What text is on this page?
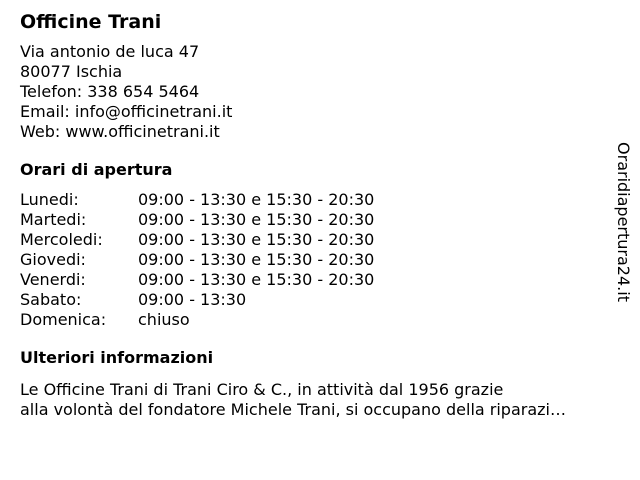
Officine Trani
Via antonio de luca 47
80077 Ischia
Telefon: 338 654 5464
Email: info@officinetrani.it
Web: www.officinetrani.it
Orari di apertura
Lunedi:	09:00 - 13:30 e 15:30 - 20:30
Martedi:	09:00 - 13:30 e 15:30 - 20:30
Mercoledi:	09:00 - 13:30 e 15:30 - 20:30
Giovedi:	09:00 - 13:30 e 15:30 - 20:30
Venerdi:	09:00 - 13:30 e 15:30 - 20:30
Sabato:	09:00 - 13:30
Domenica:	chiuso
Ulteriori informazioni
Le Officine Trani di Trani Ciro & C., in attività dal 1956 grazie
alla volontà del fondatore Michele Trani, si occupano della riparazi…
Oraridiapertura24.it
